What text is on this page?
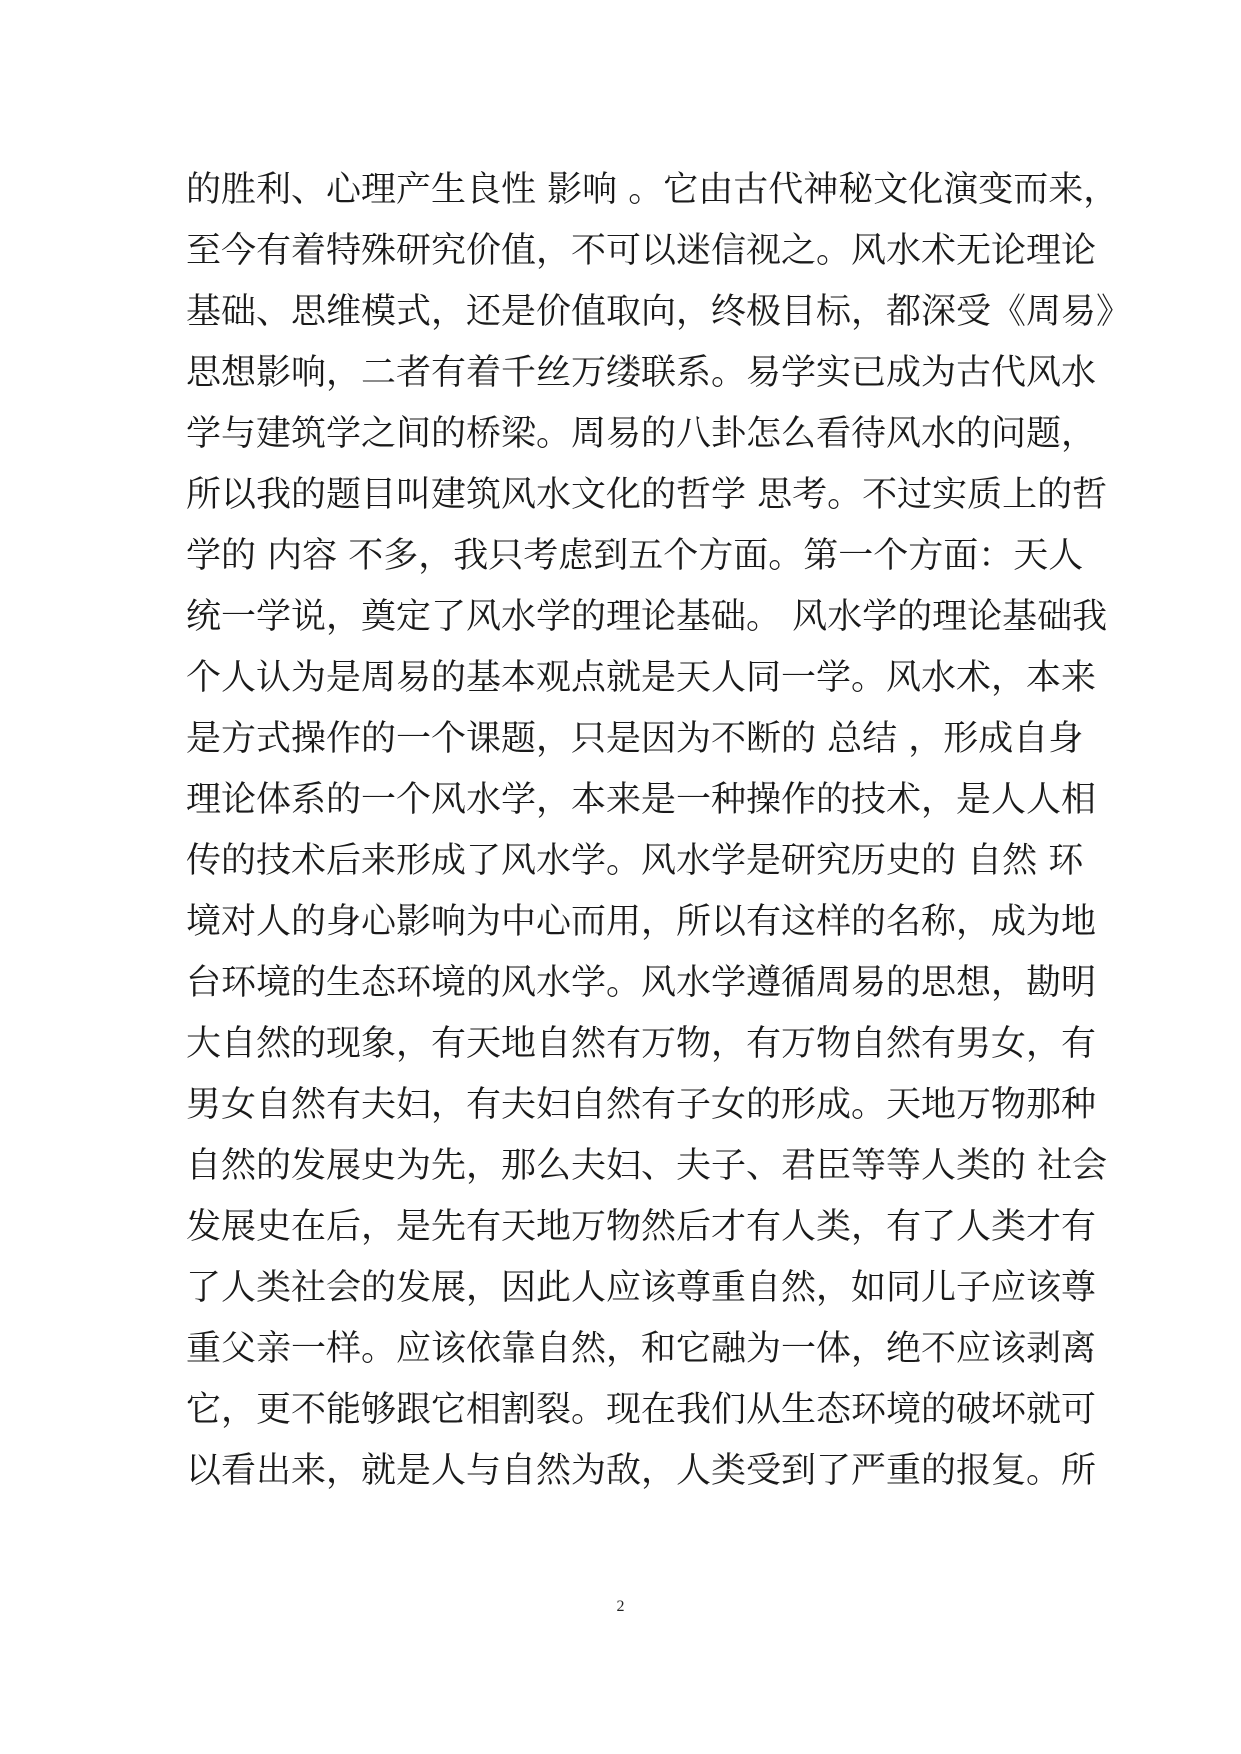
的胜利、心理产生良性 影响 。它由古代神秘文化演变而来，
至今有着特殊研究价值，不可以迷信视之。风水术无论理论
基础、思维模式，还是价值取向，终极目标，都深受《周易》
思想影响，二者有着千丝万缕联系。易学实已成为古代风水
学与建筑学之间的桥梁。周易的八卦怎么看待风水的问题，
所以我的题目叫建筑风水文化的哲学 思考。不过实质上的哲
学的 内容 不多，我只考虑到五个方面。第一个方面：天人
统一学说，奠定了风水学的理论基础。 风水学的理论基础我
个人认为是周易的基本观点就是天人同一学。风水术，本来
是方式操作的一个课题，只是因为不断的 总结 ，形成自身
理论体系的一个风水学，本来是一种操作的技术，是人人相
传的技术后来形成了风水学。风水学是研究历史的 自然 环
境对人的身心影响为中心而用，所以有这样的名称，成为地
台环境的生态环境的风水学。风水学遵循周易的思想，勘明
大自然的现象，有天地自然有万物，有万物自然有男女，有
男女自然有夫妇，有夫妇自然有子女的形成。天地万物那种
自然的发展史为先，那么夫妇、夫子、君臣等等人类的 社会
发展史在后，是先有天地万物然后才有人类，有了人类才有
了人类社会的发展，因此人应该尊重自然，如同儿子应该尊
重父亲一样。应该依靠自然，和它融为一体，绝不应该剥离
它，更不能够跟它相割裂。现在我们从生态环境的破坏就可
以看出来，就是人与自然为敌，人类受到了严重的报复。所
2
